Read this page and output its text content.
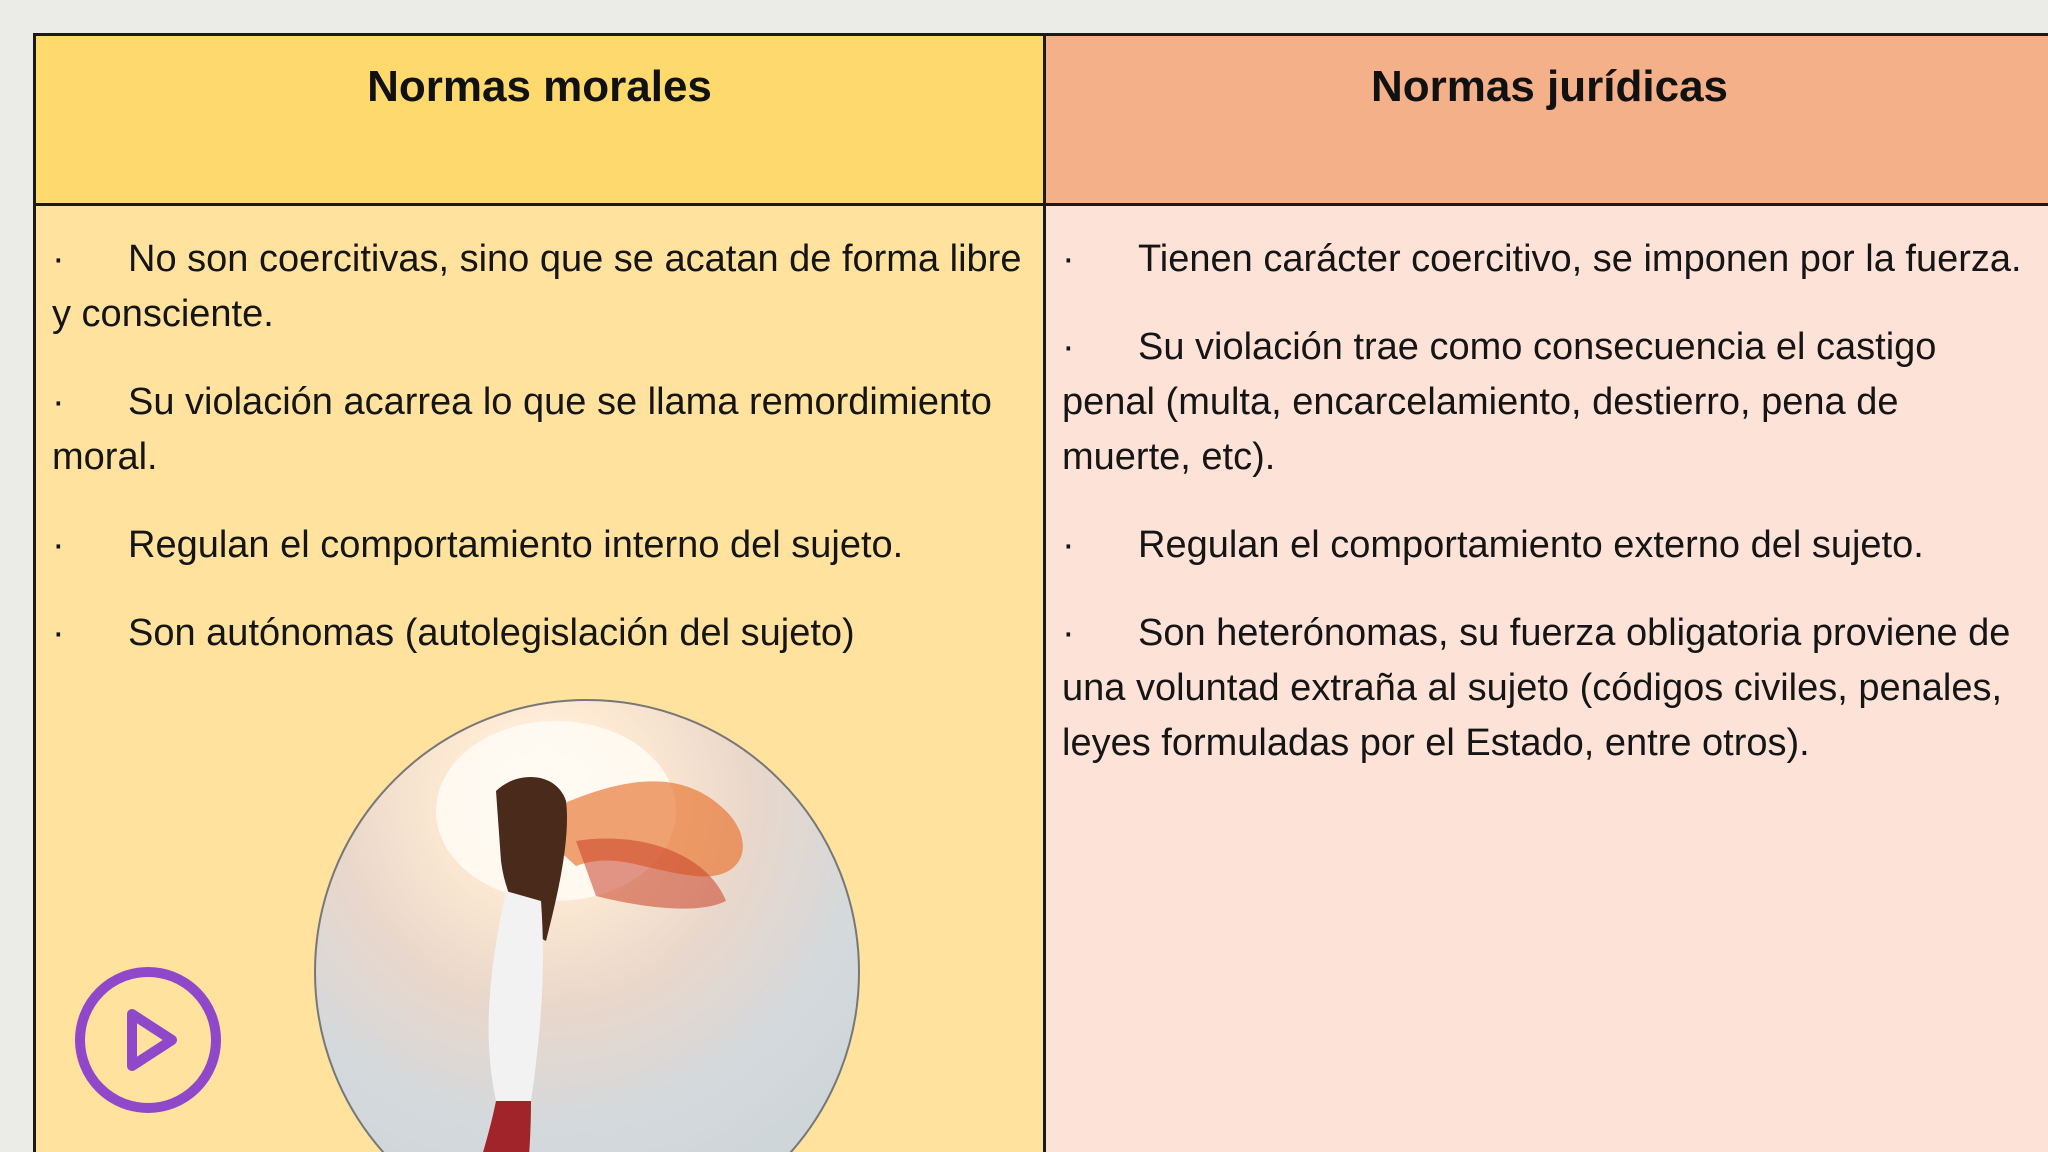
Normas morales

· No son coercitivas, sino que se acatan de forma libre y consciente.

· Su violación acarrea lo que se llama remordimiento moral.

· Regulan el comportamiento interno del sujeto.

· Son autónomas (autolegislación del sujeto)

Normas jurídicas

· Tienen carácter coercitivo, se imponen por la fuerza.

· Su violación trae como consecuencia el castigo penal (multa, encarcelamiento, destierro, pena de muerte, etc).

· Regulan el comportamiento externo del sujeto.

· Son heterónomas, su fuerza obligatoria proviene de una voluntad extraña al sujeto (códigos civiles, penales, leyes formuladas por el Estado, entre otros).
